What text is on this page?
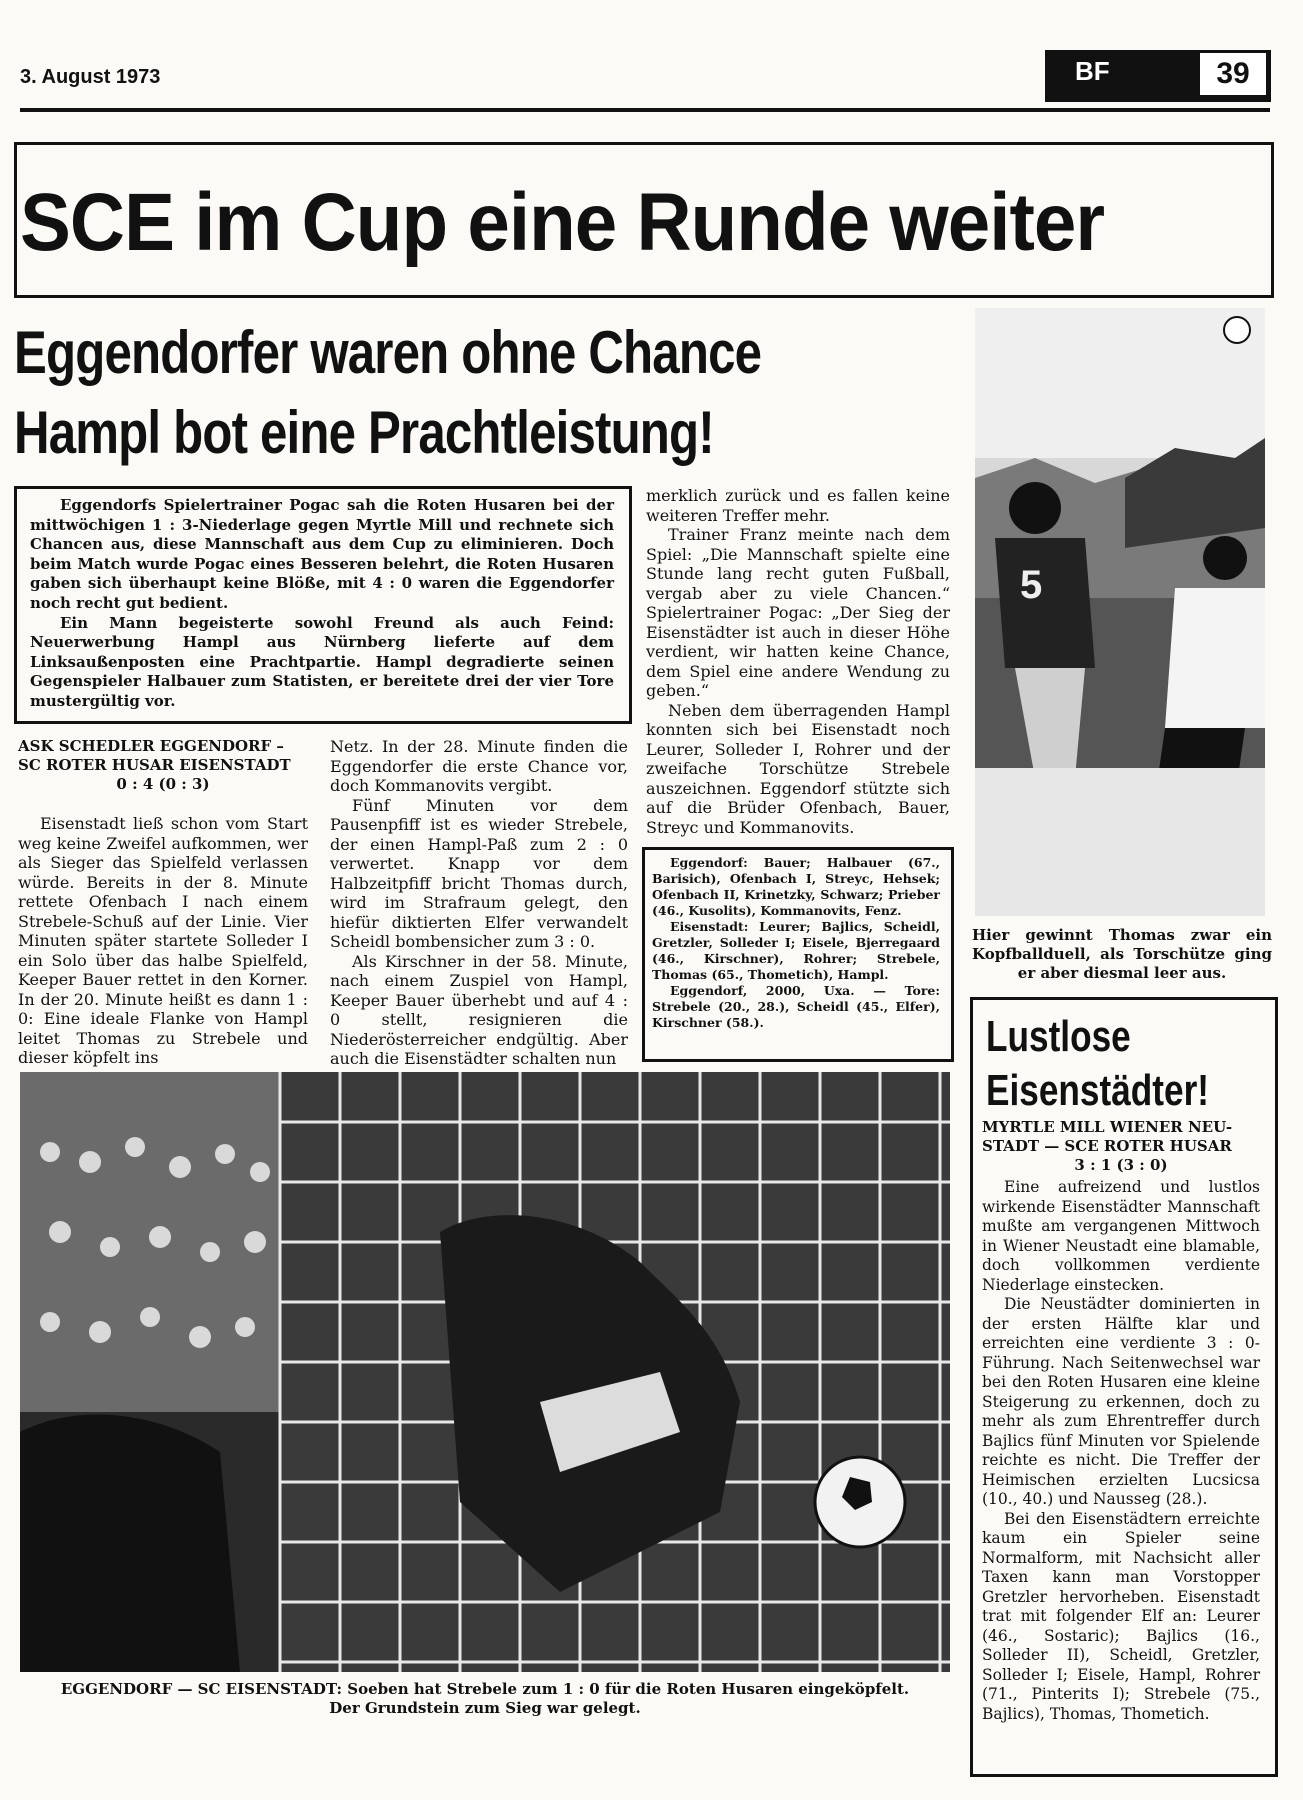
3. August 1973	BF	39
SCE im Cup eine Runde weiter
Eggendorfer waren ohne Chance
Hampl bot eine Prachtleistung!

Eggendorfs Spielertrainer Pogac sah die Roten Husaren bei der mittwöchigen 1 : 3-Niederlage gegen Myrtle Mill und rechnete sich Chancen aus, diese Mannschaft aus dem Cup zu eliminieren. Doch beim Match wurde Pogac eines Besseren belehrt, die Roten Husaren gaben sich überhaupt keine Blöße, mit 4 : 0 waren die Eggendorfer noch recht gut bedient.

Ein Mann begeisterte sowohl Freund als auch Feind: Neuerwerbung Hampl aus Nürnberg lieferte auf dem Linksaußenposten eine Prachtpartie. Hampl degradierte seinen Gegenspieler Halbauer zum Statisten, er bereitete drei der vier Tore mustergültig vor.

ASK SCHEDLER EGGENDORF –
SC ROTER HUSAR EISENSTADT
0 : 4 (0 : 3)

Eisenstadt ließ schon vom Start weg keine Zweifel aufkommen, wer als Sieger das Spielfeld verlassen würde. Bereits in der 8. Minute rettete Ofenbach I nach einem Strebele-Schuß auf der Linie. Vier Minuten später startete Solleder I ein Solo über das halbe Spielfeld, Keeper Bauer rettet in den Korner. In der 20. Minute heißt es dann 1 : 0: Eine ideale Flanke von Hampl leitet Thomas zu Strebele und dieser köpfelt ins

Netz. In der 28. Minute finden die Eggendorfer die erste Chance vor, doch Kommanovits vergibt.

Fünf Minuten vor dem Pausenpfiff ist es wieder Strebele, der einen Hampl-Paß zum 2 : 0 verwertet. Knapp vor dem Halbzeitpfiff bricht Thomas durch, wird im Strafraum gelegt, den hiefür diktierten Elfer verwandelt Scheidl bombensicher zum 3 : 0.

Als Kirschner in der 58. Minute, nach einem Zuspiel von Hampl, Keeper Bauer überhebt und auf 4 : 0 stellt, resignieren die Niederösterreicher endgültig. Aber auch die Eisenstädter schalten nun

merklich zurück und es fallen keine weiteren Treffer mehr.

Trainer Franz meinte nach dem Spiel: „Die Mannschaft spielte eine Stunde lang recht guten Fußball, vergab aber zu viele Chancen.“ Spielertrainer Pogac: „Der Sieg der Eisenstädter ist auch in dieser Höhe verdient, wir hatten keine Chance, dem Spiel eine andere Wendung zu geben.“

Neben dem überragenden Hampl konnten sich bei Eisenstadt noch Leurer, Solleder I, Rohrer und der zweifache Torschütze Strebele auszeichnen. Eggendorf stützte sich auf die Brüder Ofenbach, Bauer, Streyc und Kommanovits.

Eggendorf: Bauer; Halbauer (67., Barisich), Ofenbach I, Streyc, Hehsek; Ofenbach II, Krinetzky, Schwarz; Prieber (46., Kusolits), Kommanovits, Fenz.

Eisenstadt: Leurer; Bajlics, Scheidl, Gretzler, Solleder I; Eisele, Bjerregaard (46., Kirschner), Rohrer; Strebele, Thomas (65., Thometich), Hampl.

Eggendorf, 2000, Uxa. — Tore: Strebele (20., 28.), Scheidl (45., Elfer), Kirschner (58.).

5
Hier gewinnt Thomas zwar ein Kopfballduell, als Torschütze ging er aber diesmal leer aus.
Lustlose
Eisenstädter!
MYRTLE MILL WIENER NEU-
STADT — SCE ROTER HUSAR
3 : 1 (3 : 0)

Eine aufreizend und lustlos wirkende Eisenstädter Mannschaft mußte am vergangenen Mittwoch in Wiener Neustadt eine blamable, doch vollkommen verdiente Niederlage einstecken.

Die Neustädter dominierten in der ersten Hälfte klar und erreichten eine verdiente 3 : 0-Führung. Nach Seitenwechsel war bei den Roten Husaren eine kleine Steigerung zu erkennen, doch zu mehr als zum Ehrentreffer durch Bajlics fünf Minuten vor Spielende reichte es nicht. Die Treffer der Heimischen erzielten Lucsicsa (10., 40.) und Nausseg (28.).

Bei den Eisenstädtern erreichte kaum ein Spieler seine Normalform, mit Nachsicht aller Taxen kann man Vorstopper Gretzler hervorheben. Eisenstadt trat mit folgender Elf an: Leurer (46., Sostaric); Bajlics (16., Solleder II), Scheidl, Gretzler, Solleder I; Eisele, Hampl, Rohrer (71., Pinterits I); Strebele (75., Bajlics), Thomas, Thometich.

EGGENDORF — SC EISENSTADT: Soeben hat Strebele zum 1 : 0 für die Roten Husaren eingeköpfelt.
Der Grundstein zum Sieg war gelegt.
